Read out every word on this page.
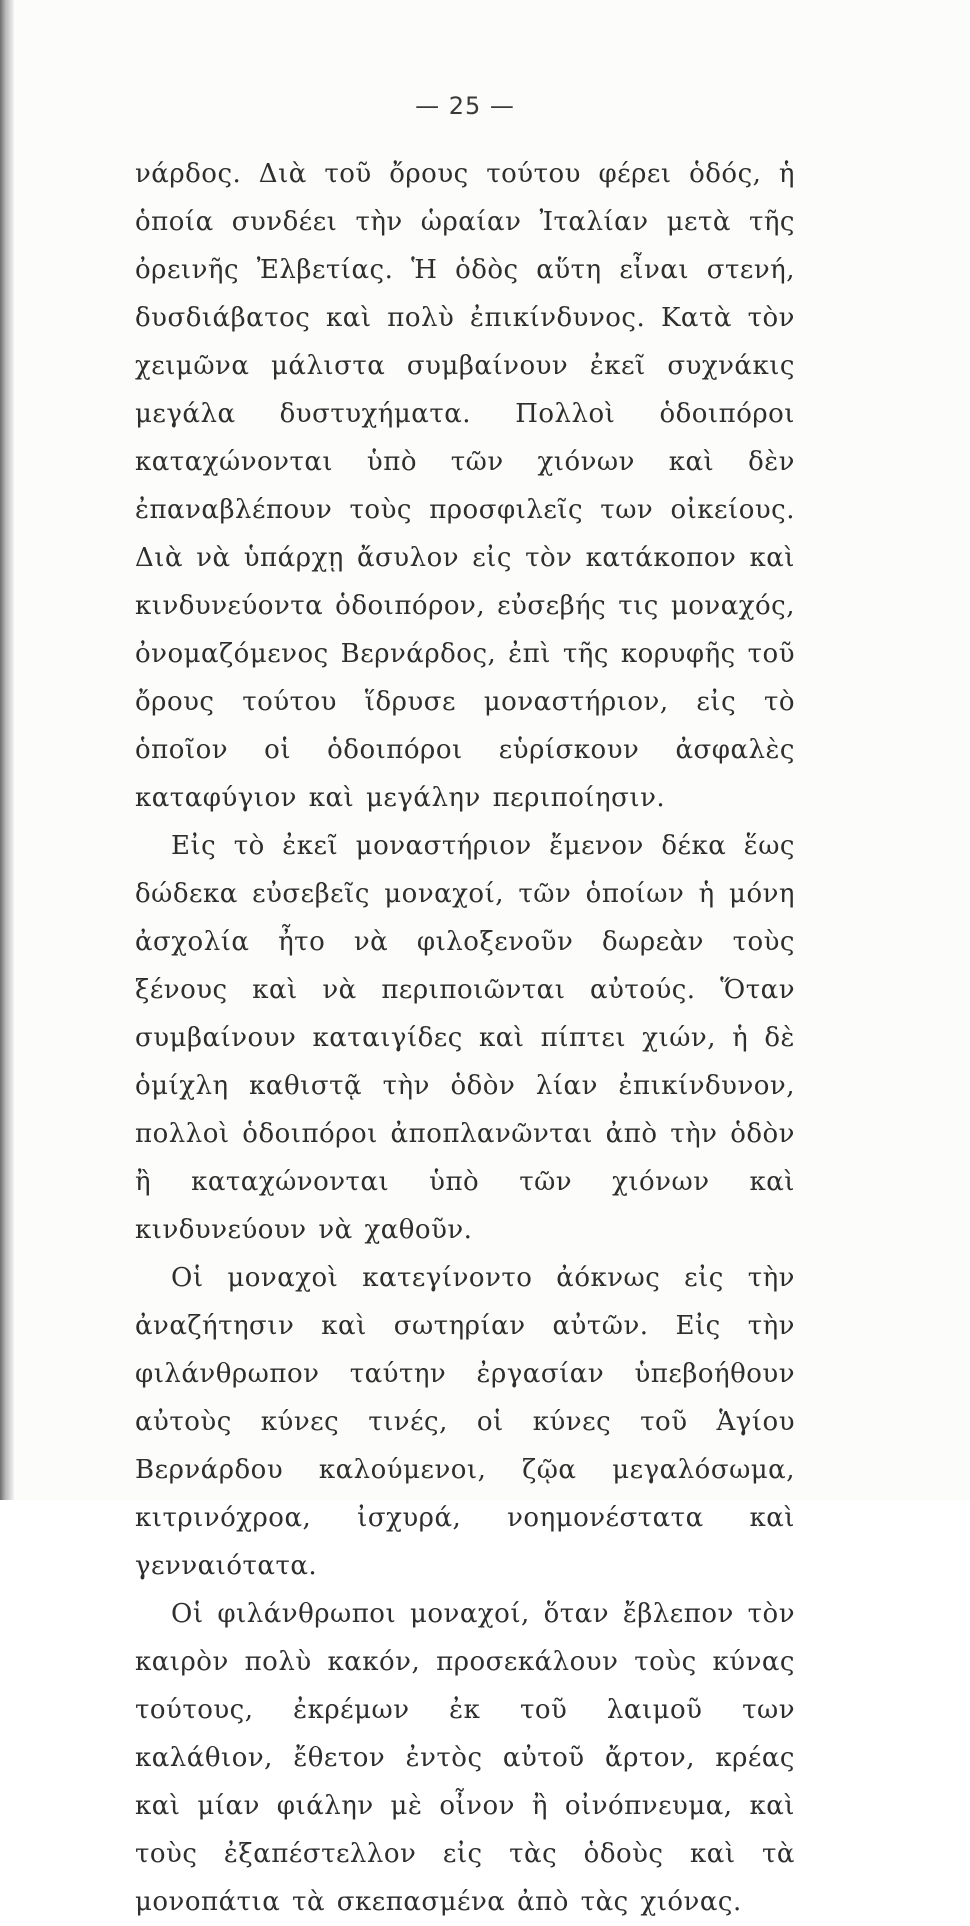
— 25 —

νάρδος. Διὰ τοῦ ὄρους τούτου φέρει ὁδός, ἡ ὁποία συνδέει τὴν ὡραίαν Ἰταλίαν μετὰ τῆς ὀρεινῆς Ἐλβετίας. Ἡ ὁδὸς αὕτη εἶναι στενή, δυσδιάβατος καὶ πολὺ ἐπικίνδυνος. Κατὰ τὸν χειμῶνα μάλιστα συμβαίνουν ἐκεῖ συχνάκις μεγάλα δυστυχήματα. Πολλοὶ ὁδοιπόροι καταχώνονται ὑπὸ τῶν χιόνων καὶ δὲν ἐπαναβλέπουν τοὺς προσφιλεῖς των οἰκείους. Διὰ νὰ ὑπάρχῃ ἄσυλον εἰς τὸν κατάκοπον καὶ κινδυνεύοντα ὁδοιπόρον, εὐσεβής τις μοναχός, ὀνομαζόμενος Βερνάρδος, ἐπὶ τῆς κορυφῆς τοῦ ὄρους τούτου ἵδρυσε μοναστήριον, εἰς τὸ ὁποῖον οἱ ὁδοιπόροι εὑρίσκουν ἀσφαλὲς καταφύγιον καὶ μεγάλην περιποίησιν.

Εἰς τὸ ἐκεῖ μοναστήριον ἔμενον δέκα ἕως δώδεκα εὐσεβεῖς μοναχοί, τῶν ὁποίων ἡ μόνη ἀσχολία ἦτο νὰ φιλοξενοῦν δωρεὰν τοὺς ξένους καὶ νὰ περιποιῶνται αὐτούς. Ὅταν συμβαίνουν καταιγίδες καὶ πίπτει χιών, ἡ δὲ ὁμίχλη καθιστᾷ τὴν ὁδὸν λίαν ἐπικίνδυνον, πολλοὶ ὁδοιπόροι ἀποπλανῶνται ἀπὸ τὴν ὁδὸν ἢ καταχώνονται ὑπὸ τῶν χιόνων καὶ κινδυνεύουν νὰ χαθοῦν.

Οἱ μοναχοὶ κατεγίνοντο ἀόκνως εἰς τὴν ἀναζήτησιν καὶ σωτηρίαν αὐτῶν. Εἰς τὴν φιλάνθρωπον ταύτην ἐργασίαν ὑπεβοήθουν αὐτοὺς κύνες τινές, οἱ κύνες τοῦ Ἁγίου Βερνάρδου καλούμενοι, ζῷα μεγαλόσωμα, κιτρινόχροα, ἰσχυρά, νοημονέστατα καὶ γενναιότατα.

Οἱ φιλάνθρωποι μοναχοί, ὅταν ἔβλεπον τὸν καιρὸν πολὺ κακόν, προσεκάλουν τοὺς κύνας τούτους, ἐκρέμων ἐκ τοῦ λαιμοῦ των καλάθιον, ἔθετον ἐντὸς αὐτοῦ ἄρτον, κρέας καὶ μίαν φιάλην μὲ οἶνον ἢ οἰνόπνευμα, καὶ τοὺς ἐξαπέστελλον εἰς τὰς ὁδοὺς καὶ τὰ μονοπάτια τὰ σκεπασμένα ἀπὸ τὰς χιόνας.
